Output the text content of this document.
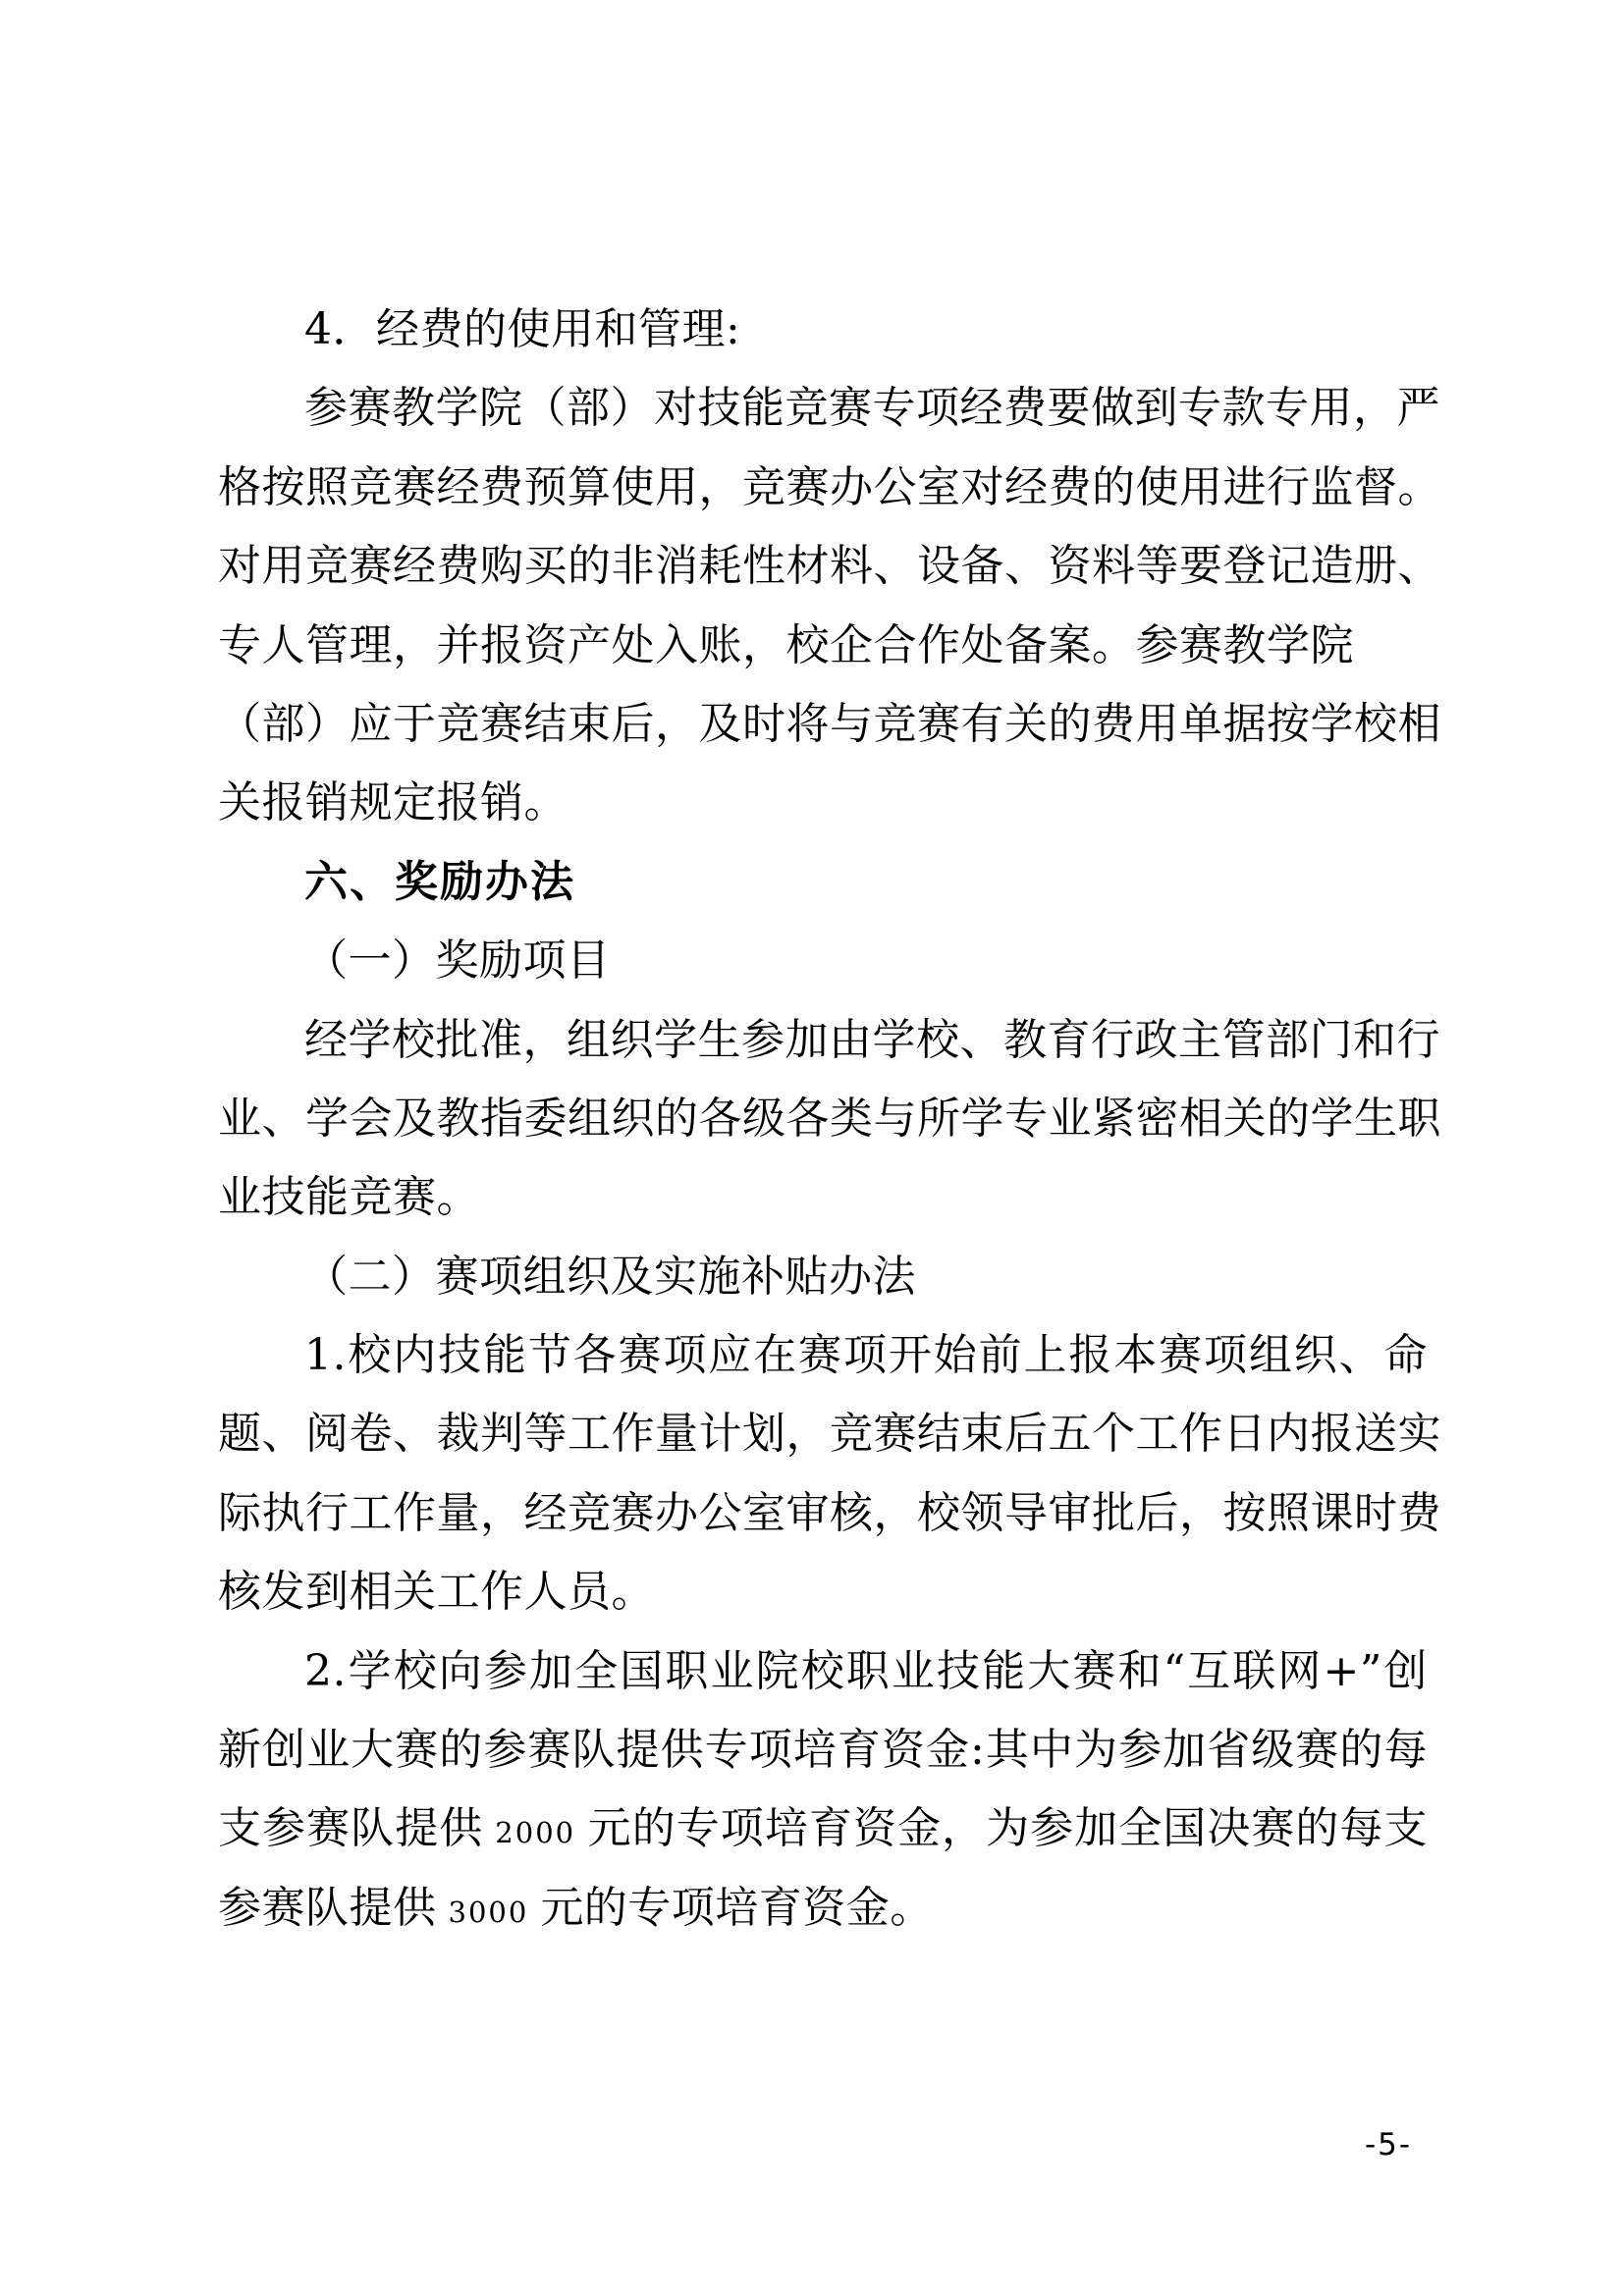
4．经费的使用和管理:
参赛教学院（部）对技能竞赛专项经费要做到专款专用，严
格按照竞赛经费预算使用，竞赛办公室对经费的使用进行监督。
对用竞赛经费购买的非消耗性材料、设备、资料等要登记造册、
专人管理，并报资产处入账，校企合作处备案。参赛教学院
（部）应于竞赛结束后，及时将与竞赛有关的费用单据按学校相
关报销规定报销。
六、奖励办法
（一）奖励项目
经学校批准，组织学生参加由学校、教育行政主管部门和行
业、学会及教指委组织的各级各类与所学专业紧密相关的学生职
业技能竞赛。
（二）赛项组织及实施补贴办法
1.校内技能节各赛项应在赛项开始前上报本赛项组织、命
题、阅卷、裁判等工作量计划，竞赛结束后五个工作日内报送实
际执行工作量，经竞赛办公室审核，校领导审批后，按照课时费
核发到相关工作人员。
2.学校向参加全国职业院校职业技能大赛和“互联网+”创
新创业大赛的参赛队提供专项培育资金:其中为参加省级赛的每
支参赛队提供 2000 元的专项培育资金，为参加全国决赛的每支
参赛队提供 3000 元的专项培育资金。
-5-
